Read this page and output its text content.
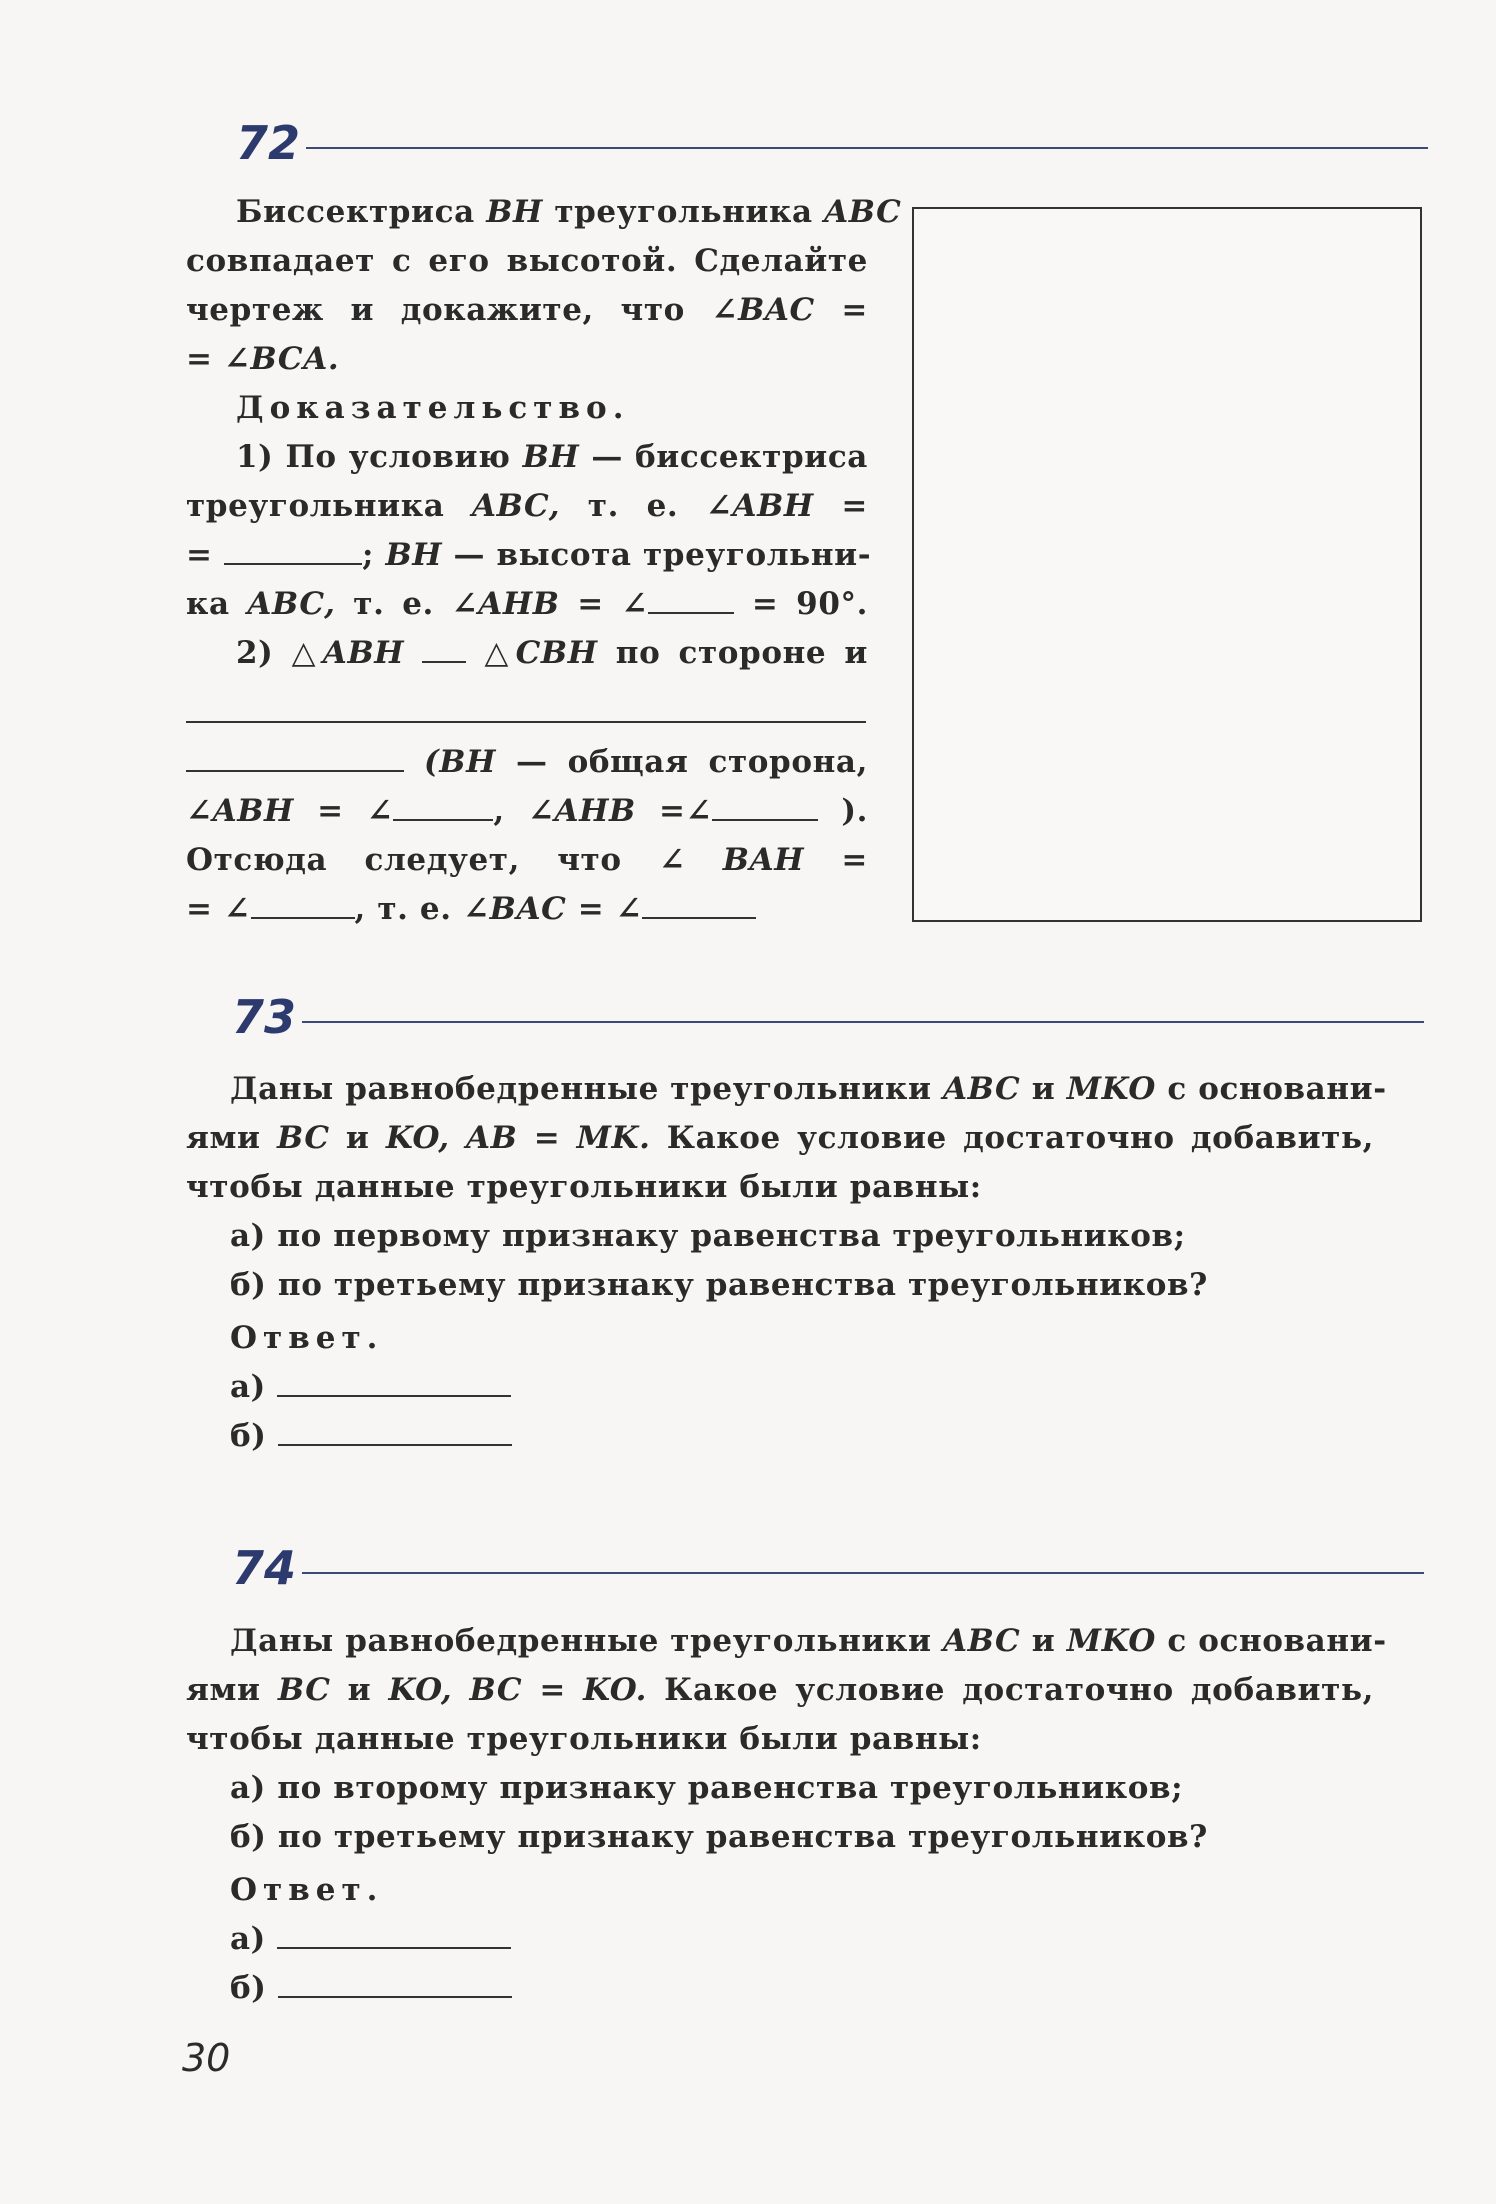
72
Биссектриса BH треугольника ABC
совпадает с его высотой. Сделайте
чертеж и докажите, что ∠BAC =
= ∠BCA.
Доказательство.
1) По условию BH — биссектриса
треугольника ABC, т. е. ∠ABH =
=	; BH — высота треугольни-
ка ABC, т. е. ∠AHB = ∠	= 90°.
2) △ABH	△CBH по стороне и
(BH — общая сторона,
∠ABH = ∠	, ∠AHB =∠	).
Отсюда следует, что ∠ BAH =
= ∠	, т. е. ∠BAC = ∠
73
Даны равнобедренные треугольники ABC и MKO с основани-
ями BC и KO, AB = MK. Какое условие достаточно добавить,
чтобы данные треугольники были равны:
а) по первому признаку равенства треугольников;
б) по третьему признаку равенства треугольников?
Ответ.
а)
б)
74
Даны равнобедренные треугольники ABC и MKO с основани-
ями BC и KO, BC = KO. Какое условие достаточно добавить,
чтобы данные треугольники были равны:
а) по второму признаку равенства треугольников;
б) по третьему признаку равенства треугольников?
Ответ.
а)
б)
30
